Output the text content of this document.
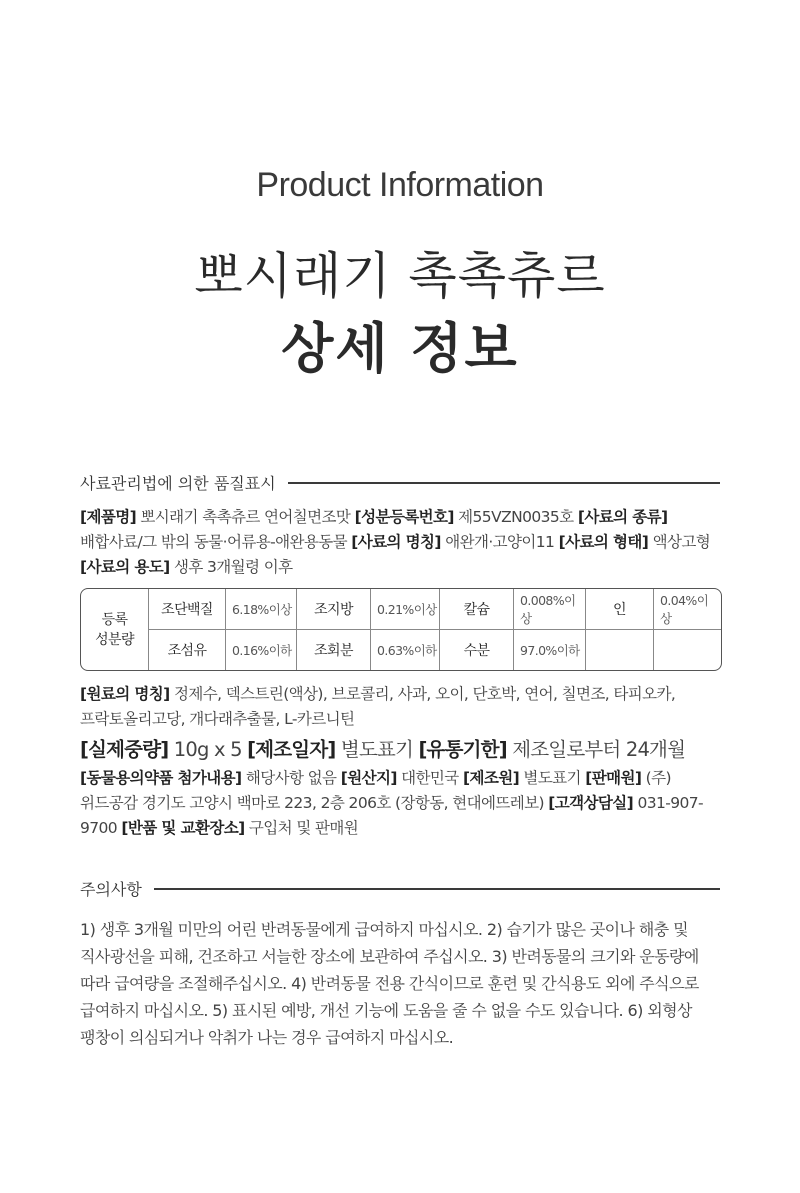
Product Information
뽀시래기 촉촉츄르
상세 정보
사료관리법에 의한 품질표시
[제품명] 뽀시래기 촉촉츄르 연어칠면조맛 [성분등록번호] 제55VZN0035호 [사료의 종류] 배합사료/그 밖의 동물·어류용-애완용동물 [사료의 명칭] 애완개·고양이11 [사료의 형태] 액상고형 [사료의 용도] 생후 3개월령 이후
등록
성분량	조단백질	6.18%이상	조지방	0.21%이상	칼슘	0.008%이상	인	0.04%이상
	조섬유	0.16%이하	조회분	0.63%이하	수분	97.0%이하		
[원료의 명칭] 정제수, 덱스트린(액상), 브로콜리, 사과, 오이, 단호박, 연어, 칠면조, 타피오카, 프락토올리고당, 개다래추출물, L-카르니틴
[실제중량] 10g x 5 [제조일자] 별도표기 [유통기한] 제조일로부터 24개월
[동물용의약품 첨가내용] 해당사항 없음 [원산지] 대한민국 [제조원] 별도표기 [판매원] (주)위드공감 경기도 고양시 백마로 223, 2층 206호 (장항동, 현대에뜨레보) [고객상담실] 031-907-9700 [반품 및 교환장소] 구입처 및 판매원
주의사항
1) 생후 3개월 미만의 어린 반려동물에게 급여하지 마십시오. 2) 습기가 많은 곳이나 해충 및 직사광선을 피해, 건조하고 서늘한 장소에 보관하여 주십시오. 3) 반려동물의 크기와 운동량에 따라 급여량을 조절해주십시오. 4) 반려동물 전용 간식이므로 훈련 및 간식용도 외에 주식으로 급여하지 마십시오. 5) 표시된 예방, 개선 기능에 도움을 줄 수 없을 수도 있습니다. 6) 외형상 팽창이 의심되거나 악취가 나는 경우 급여하지 마십시오.
